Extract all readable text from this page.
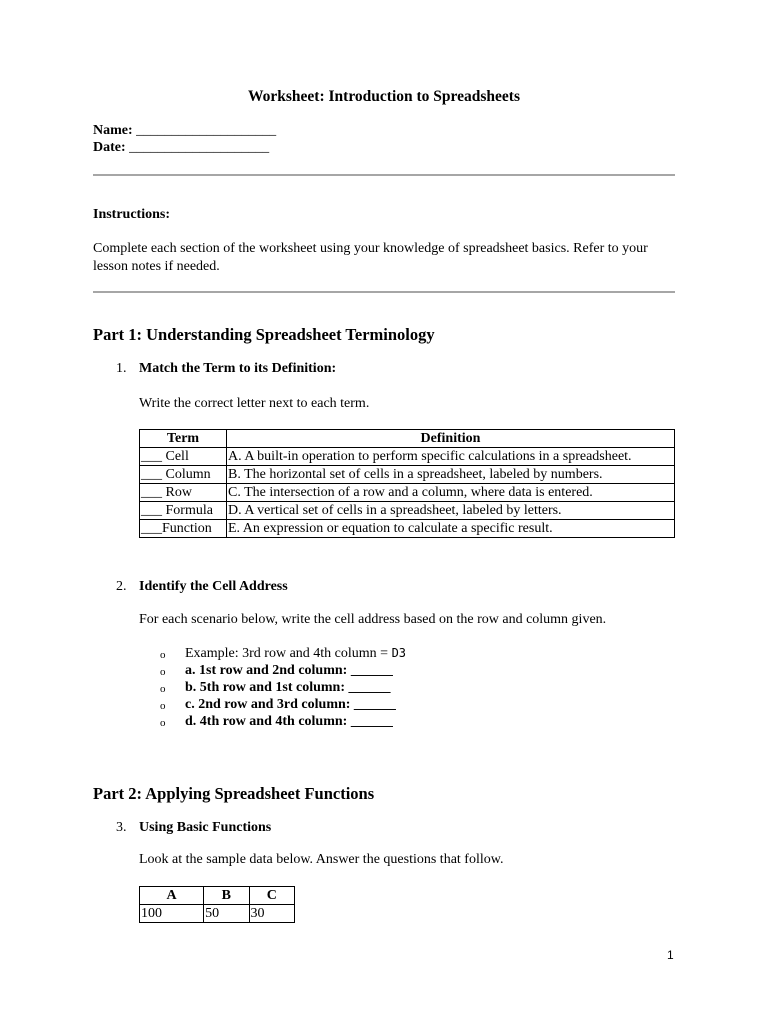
Worksheet: Introduction to Spreadsheets
Name: ____________________
Date: ____________________
Instructions:
Complete each section of the worksheet using your knowledge of spreadsheet basics. Refer to your lesson notes if needed.
Part 1: Understanding Spreadsheet Terminology
1. Match the Term to its Definition:
Write the correct letter next to each term.
Term	Definition
___ Cell	A. A built-in operation to perform specific calculations in a spreadsheet.
___ Column	B. The horizontal set of cells in a spreadsheet, labeled by numbers.
___ Row	C. The intersection of a row and a column, where data is entered.
___ Formula	D. A vertical set of cells in a spreadsheet, labeled by letters.
___Function	E. An expression or equation to calculate a specific result.
2. Identify the Cell Address
For each scenario below, write the cell address based on the row and column given.
o Example: 3rd row and 4th column = D3
o a. 1st row and 2nd column: ______
o b. 5th row and 1st column: ______
o c. 2nd row and 3rd column: ______
o d. 4th row and 4th column: ______
Part 2: Applying Spreadsheet Functions
3. Using Basic Functions
Look at the sample data below. Answer the questions that follow.
A	B	C
100	50	30
1
